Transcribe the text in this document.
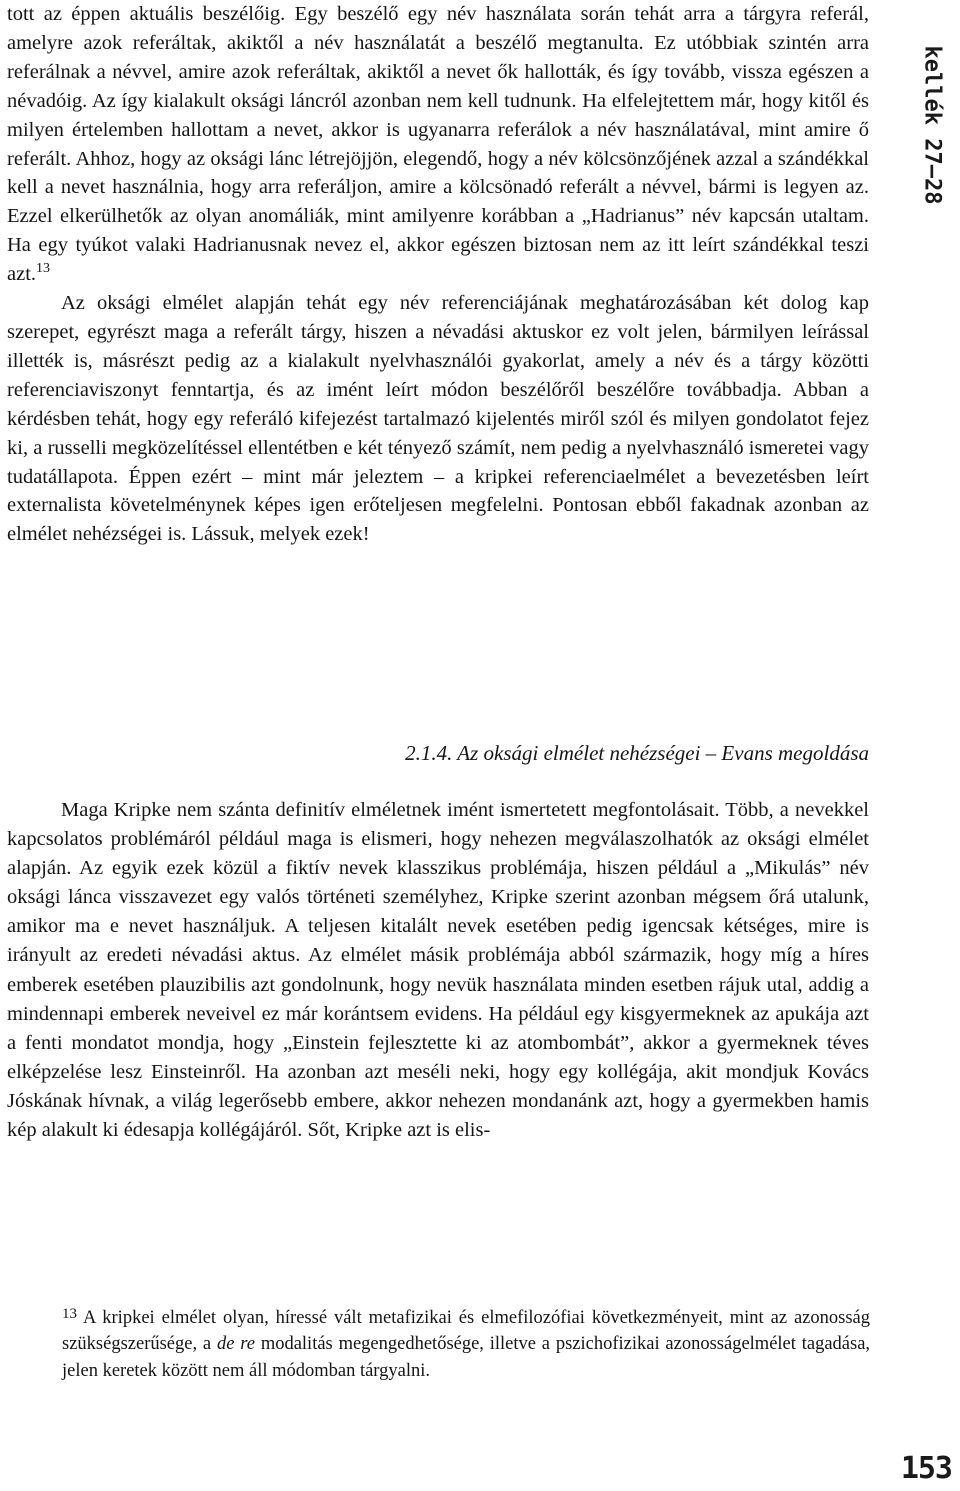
tott az éppen aktuális beszélőig. Egy beszélő egy név használata során tehát arra a tárgyra referál, amelyre azok referáltak, akiktől a név használatát a beszélő megtanulta. Ez utóbbiak szintén arra referálnak a névvel, amire azok referáltak, akiktől a nevet ők hallották, és így tovább, vissza egészen a névadóig. Az így kialakult oksági láncról azonban nem kell tudnunk. Ha elfelejtettem már, hogy kitől és milyen értelemben hallottam a nevet, akkor is ugyanarra referálok a név használatával, mint amire ő referált. Ahhoz, hogy az oksági lánc létrejöjjön, elegendő, hogy a név kölcsönzőjének azzal a szándékkal kell a nevet használnia, hogy arra referáljon, amire a kölcsönadó referált a névvel, bármi is legyen az. Ezzel elkerülhetők az olyan anomáliák, mint amilyenre korábban a „Hadrianus” név kapcsán utaltam. Ha egy tyúkot valaki Hadrianusnak nevez el, akkor egészen biztosan nem az itt leírt szándékkal teszi azt.$^{13}$

Az oksági elmélet alapján tehát egy név referenciájának meghatározásában két dolog kap szerepet, egyrészt maga a referált tárgy, hiszen a névadási aktuskor ez volt jelen, bármilyen leírással illették is, másrészt pedig az a kialakult nyelvhasználói gyakorlat, amely a név és a tárgy közötti referenciaviszonyt fenntartja, és az imént leírt módon beszélőről beszélőre továbbadja. Abban a kérdésben tehát, hogy egy referáló kifejezést tartalmazó kijelentés miről szól és milyen gondolatot fejez ki, a russelli megközelítéssel ellentétben e két tényező számít, nem pedig a nyelvhasználó ismeretei vagy tudatállapota. Éppen ezért – mint már jeleztem – a kripkei referenciaelmélet a bevezetésben leírt externalista követelménynek képes igen erőteljesen megfelelni. Pontosan ebből fakadnak azonban az elmélet nehézségei is. Lássuk, melyek ezek!

2.1.4. Az oksági elmélet nehézségei – Evans megoldása

Maga Kripke nem szánta definitív elméletnek imént ismertetett megfontolásait. Több, a nevekkel kapcsolatos problémáról például maga is elismeri, hogy nehezen megválaszolhatók az oksági elmélet alapján. Az egyik ezek közül a fiktív nevek klasszikus problémája, hiszen például a „Mikulás” név oksági lánca visszavezet egy valós történeti személyhez, Kripke szerint azonban mégsem őrá utalunk, amikor ma e nevet használjuk. A teljesen kitalált nevek esetében pedig igencsak kétséges, mire is irányult az eredeti névadási aktus. Az elmélet másik problémája abból származik, hogy míg a híres emberek esetében plauzibilis azt gondolnunk, hogy nevük használata minden esetben rájuk utal, addig a mindennapi emberek neveivel ez már korántsem evidens. Ha például egy kisgyermeknek az apukája azt a fenti mondatot mondja, hogy „Einstein fejlesztette ki az atombombát”, akkor a gyermeknek téves elképzelése lesz Einsteinről. Ha azonban azt meséli neki, hogy egy kollégája, akit mondjuk Kovács Jóskának hívnak, a világ legerősebb embere, akkor nehezen mondanánk azt, hogy a gyermekben hamis kép alakult ki édesapja kollégájáról. Sőt, Kripke azt is elis-

$^{13}$ A kripkei elmélet olyan, híressé vált metafizikai és elmefilozófiai következményeit, mint az azonosság szükségszerűsége, a de re modalitás megengedhetősége, illetve a pszichofizikai azonosságelmélet tagadása, jelen keretek között nem áll módomban tárgyalni.

kellék 27–28
153
